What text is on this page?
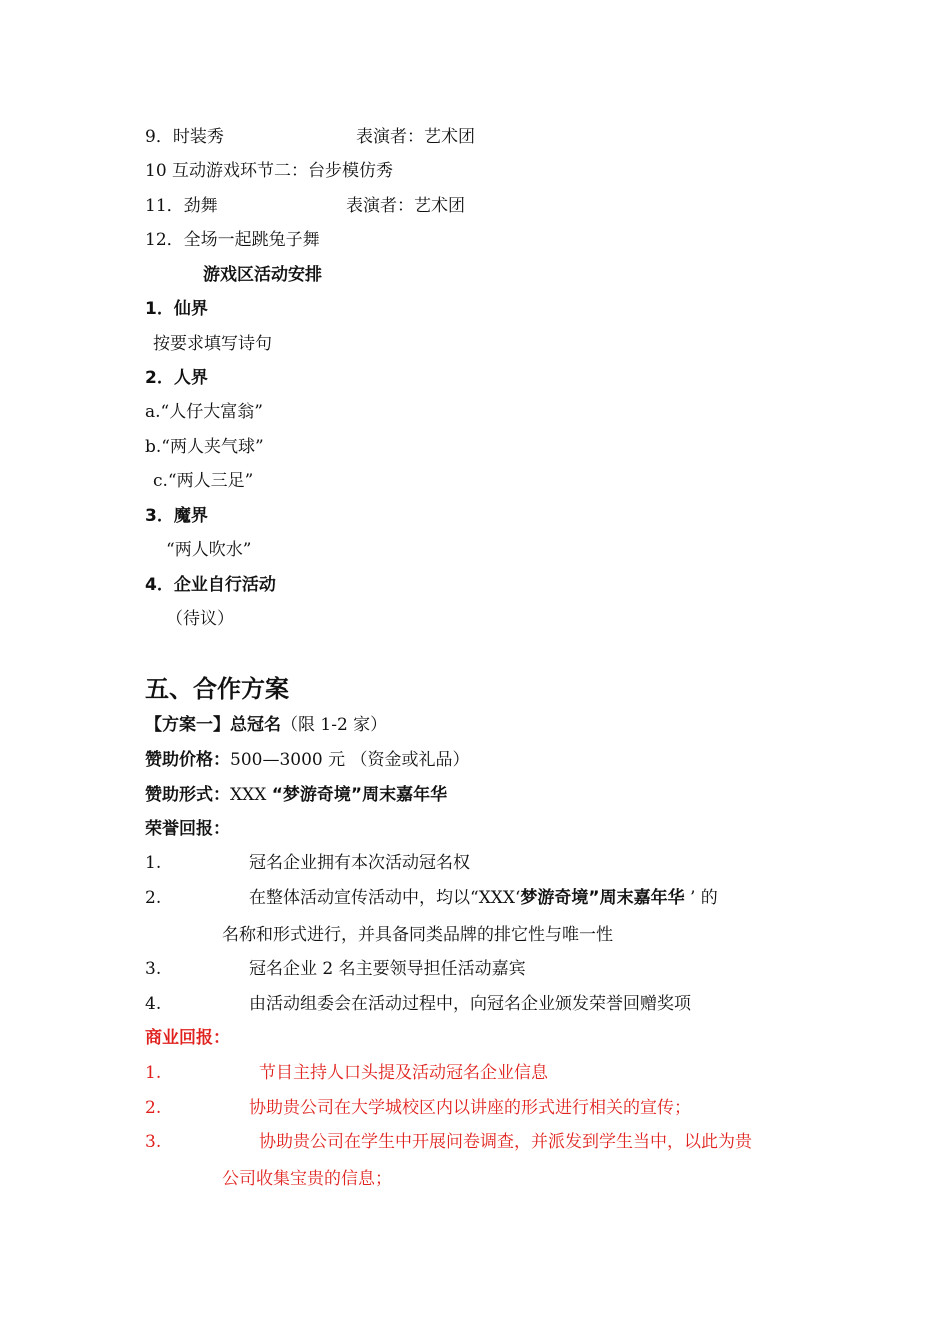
9．时装秀	表演者：艺术团
10 互动游戏环节二：台步模仿秀
11．劲舞	表演者：艺术团
12．全场一起跳兔子舞
游戏区活动安排
1．仙界
按要求填写诗句
2．人界
a.“人仔大富翁”
b.“两人夹气球”
c.“两人三足”
3．魔界
“两人吹水”
4．企业自行活动
（待议）
五、合作方案
【方案一】总冠名（限 1-2 家）
赞助价格：500—3000 元 （资金或礼品）
赞助形式：XXX “梦游奇境”周末嘉年华
荣誉回报：
1.	冠名企业拥有本次活动冠名权
2.	在整体活动宣传活动中，均以“XXX‘梦游奇境”周末嘉年华 ’ 的
名称和形式进行，并具备同类品牌的排它性与唯一性
3.	冠名企业 2 名主要领导担任活动嘉宾
4.	由活动组委会在活动过程中，向冠名企业颁发荣誉回赠奖项
商业回报：
1.	节目主持人口头提及活动冠名企业信息
2.	协助贵公司在大学城校区内以讲座的形式进行相关的宣传；
3.	协助贵公司在学生中开展问卷调查，并派发到学生当中，以此为贵
公司收集宝贵的信息；
